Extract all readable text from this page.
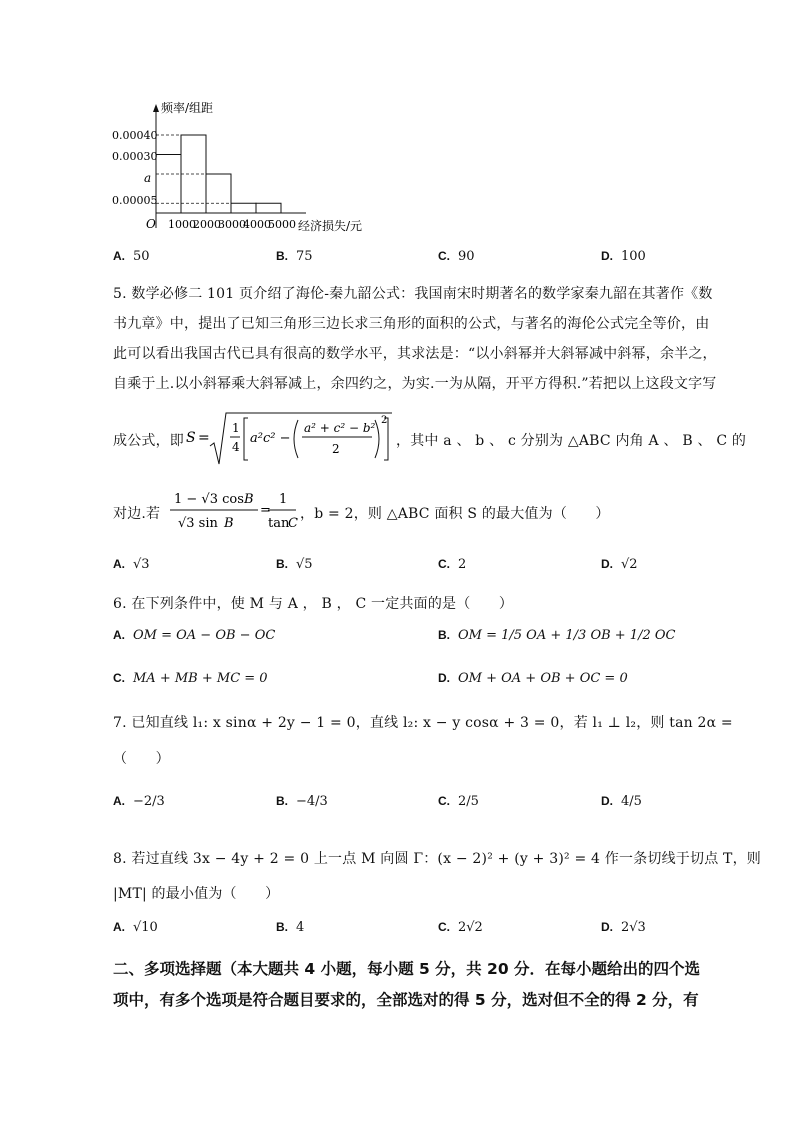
频率/组距
O	经济损失/元
0.00040
0.00030
a
0.00005
1000
2000
3000
4000
5000
A. 50	B. 75	C. 90	D. 100
5. 数学必修二 101 页介绍了海伦-秦九韶公式：我国南宋时期著名的数学家秦九韶在其著作《数
书九章》中，提出了已知三角形三边长求三角形的面积的公式，与著名的海伦公式完全等价，由
此可以看出我国古代已具有很高的数学水平，其求法是：“以小斜幂并大斜幂减中斜幂，余半之，
自乘于上.以小斜幂乘大斜幂减上，余四约之，为实.一为从隔，开平方得积.”若把以上这段文字写
成公式，即 S =
1
4
a²c² −
a² + c² − b²
2
2
，其中 a 、 b 、 c 分别为 △ABC 内角 A 、 B 、 C 的
对边.若
1 − √3 cos B
√3 sin B
=
1
tan
C
，b = 2，则 △ABC 面积 S 的最大值为（　　）
A. √3	B. √5	C. 2	D. √2
6. 在下列条件中，使 M 与 A ， B ， C 一定共面的是（　　）
A. OM = OA − OB − OC	B. OM = 1/5 OA + 1/3 OB + 1/2 OC
C. MA + MB + MC = 0	D. OM + OA + OB + OC = 0
7. 已知直线 l₁: x sinα + 2y − 1 = 0，直线 l₂: x − y cosα + 3 = 0，若 l₁ ⊥ l₂，则 tan 2α =
（　　）
A. −2/3	B. −4/3	C. 2/5	D. 4/5
8. 若过直线 3x − 4y + 2 = 0 上一点 M 向圆 Γ：(x − 2)² + (y + 3)² = 4 作一条切线于切点 T，则
|MT| 的最小值为（　　）
A. √10	B. 4	C. 2√2	D. 2√3
二、多项选择题（本大题共 4 小题，每小题 5 分，共 20 分．在每小题给出的四个选
项中，有多个选项是符合题目要求的，全部选对的得 5 分，选对但不全的得 2 分，有
